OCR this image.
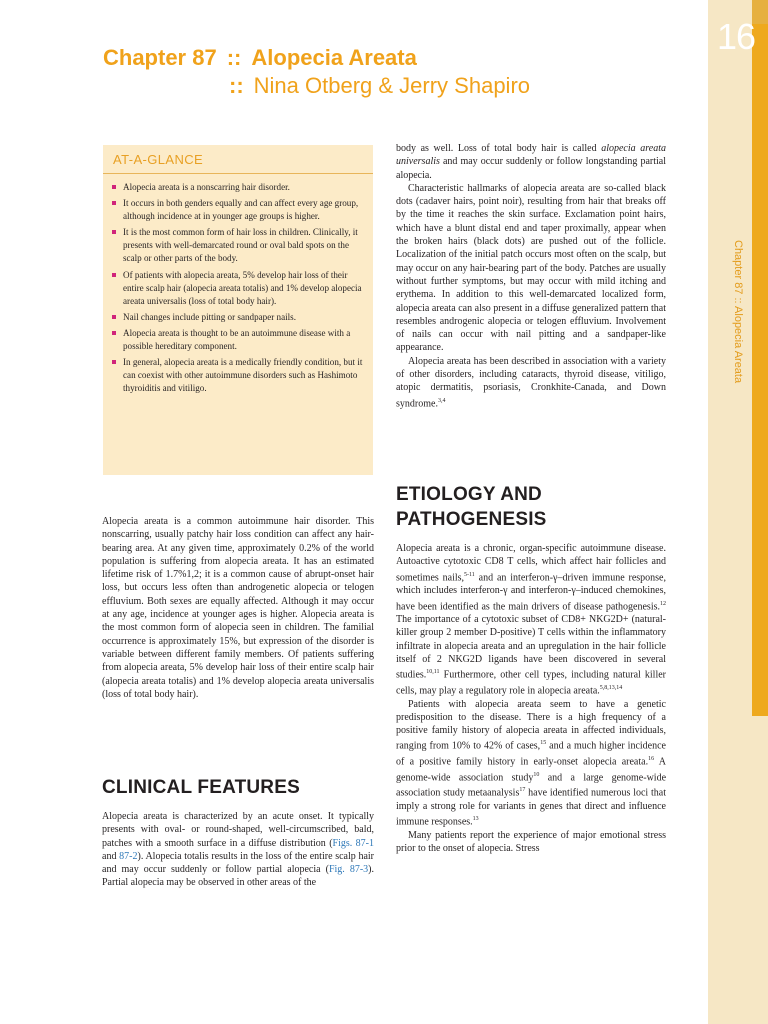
16
Chapter 87 :: Alopecia Areata
Chapter 87 :: Alopecia Areata
:: Nina Otberg & Jerry Shapiro
AT-A-GLANCE
Alopecia areata is a nonscarring hair disorder.
It occurs in both genders equally and can affect every age group, although incidence at in younger age groups is higher.
It is the most common form of hair loss in children. Clinically, it presents with well-demarcated round or oval bald spots on the scalp or other parts of the body.
Of patients with alopecia areata, 5% develop hair loss of their entire scalp hair (alopecia areata totalis) and 1% develop alopecia areata universalis (loss of total body hair).
Nail changes include pitting or sandpaper nails.
Alopecia areata is thought to be an autoimmune disease with a possible hereditary component.
In general, alopecia areata is a medically friendly condition, but it can coexist with other autoimmune disorders such as Hashimoto thyroiditis and vitiligo.

Alopecia areata is a common autoimmune hair disorder. This nonscarring, usually patchy hair loss condition can affect any hair-bearing area. At any given time, approximately 0.2% of the world population is suffering from alopecia areata. It has an estimated lifetime risk of 1.7%1,2; it is a common cause of abrupt-onset hair loss, but occurs less often than androgenetic alopecia or telogen effluvium. Both sexes are equally affected. Although it may occur at any age, incidence at younger ages is higher. Alopecia areata is the most common form of alopecia seen in children. The familial occurrence is approximately 15%, but expression of the disorder is variable between different family members. Of patients suffering from alopecia areata, 5% develop hair loss of their entire scalp hair (alopecia areata totalis) and 1% develop alopecia areata universalis (loss of total body hair).

CLINICAL FEATURES

Alopecia areata is characterized by an acute onset. It typically presents with oval- or round-shaped, well-circumscribed, bald, patches with a smooth surface in a diffuse distribution (Figs. 87-1 and 87-2). Alopecia totalis results in the loss of the entire scalp hair and may occur suddenly or follow partial alopecia (Fig. 87-3). Partial alopecia may be observed in other areas of the

body as well. Loss of total body hair is called alopecia areata universalis and may occur suddenly or follow longstanding partial alopecia.

Characteristic hallmarks of alopecia areata are so-called black dots (cadaver hairs, point noir), resulting from hair that breaks off by the time it reaches the skin surface. Exclamation point hairs, which have a blunt distal end and taper proximally, appear when the broken hairs (black dots) are pushed out of the follicle. Localization of the initial patch occurs most often on the scalp, but may occur on any hair-bearing part of the body. Patches are usually without further symptoms, but may occur with mild itching and erythema. In addition to this well-demarcated localized form, alopecia areata can also present in a diffuse generalized pattern that resembles androgenic alopecia or telogen effluvium. Involvement of nails can occur with nail pitting and a sandpaper-like appearance.

Alopecia areata has been described in association with a variety of other disorders, including cataracts, thyroid disease, vitiligo, atopic dermatitis, psoriasis, Cronkhite-Canada, and Down syndrome.$^{3,4}$

ETIOLOGY AND
PATHOGENESIS

Alopecia areata is a chronic, organ-specific autoimmune disease. Autoactive cytotoxic CD8 T cells, which affect hair follicles and sometimes nails,$^{5-11}$ and an interferon-γ–driven immune response, which includes interferon-γ and interferon-γ–induced chemokines, have been identified as the main drivers of disease pathogenesis.$^{12}$ The importance of a cytotoxic subset of CD8+ NKG2D+ (natural-killer group 2 member D-positive) T cells within the inflammatory infiltrate in alopecia areata and an upregulation in the hair follicle itself of 2 NKG2D ligands have been discovered in several studies.$^{10,11}$ Furthermore, other cell types, including natural killer cells, may play a regulatory role in alopecia areata.$^{5,8,13,14}$

Patients with alopecia areata seem to have a genetic predisposition to the disease. There is a high frequency of a positive family history of alopecia areata in affected individuals, ranging from 10% to 42% of cases,$^{15}$ and a much higher incidence of a positive family history in early-onset alopecia areata.$^{16}$ A genome-wide association study$^{10}$ and a large genome-wide association study metaanalysis$^{17}$ have identified numerous loci that imply a strong role for variants in genes that direct and influence immune responses.$^{13}$

Many patients report the experience of major emotional stress prior to the onset of alopecia. Stress
